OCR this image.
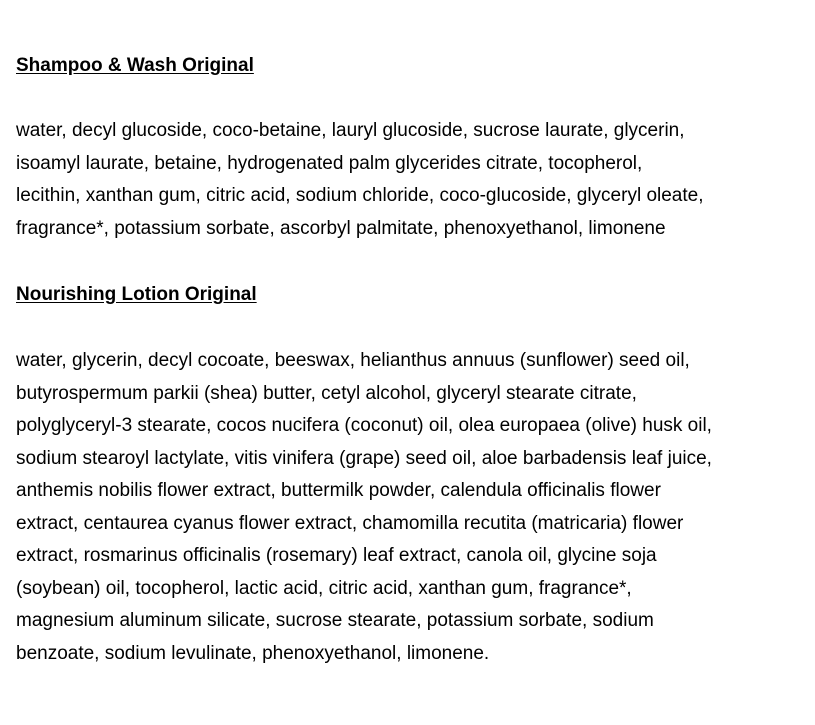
Shampoo & Wash Original
water, decyl glucoside, coco-betaine, lauryl glucoside, sucrose laurate, glycerin,
isoamyl laurate, betaine, hydrogenated palm glycerides citrate, tocopherol,
lecithin, xanthan gum, citric acid, sodium chloride, coco-glucoside, glyceryl oleate,
fragrance*, potassium sorbate, ascorbyl palmitate, phenoxyethanol, limonene
Nourishing Lotion Original
water, glycerin, decyl cocoate, beeswax, helianthus annuus (sunflower) seed oil,
butyrospermum parkii (shea) butter, cetyl alcohol, glyceryl stearate citrate,
polyglyceryl-3 stearate, cocos nucifera (coconut) oil, olea europaea (olive) husk oil,
sodium stearoyl lactylate, vitis vinifera (grape) seed oil, aloe barbadensis leaf juice,
anthemis nobilis flower extract, buttermilk powder, calendula officinalis flower
extract, centaurea cyanus flower extract, chamomilla recutita (matricaria) flower
extract, rosmarinus officinalis (rosemary) leaf extract, canola oil, glycine soja
(soybean) oil, tocopherol, lactic acid, citric acid, xanthan gum, fragrance*,
magnesium aluminum silicate, sucrose stearate, potassium sorbate, sodium
benzoate, sodium levulinate, phenoxyethanol, limonene.
